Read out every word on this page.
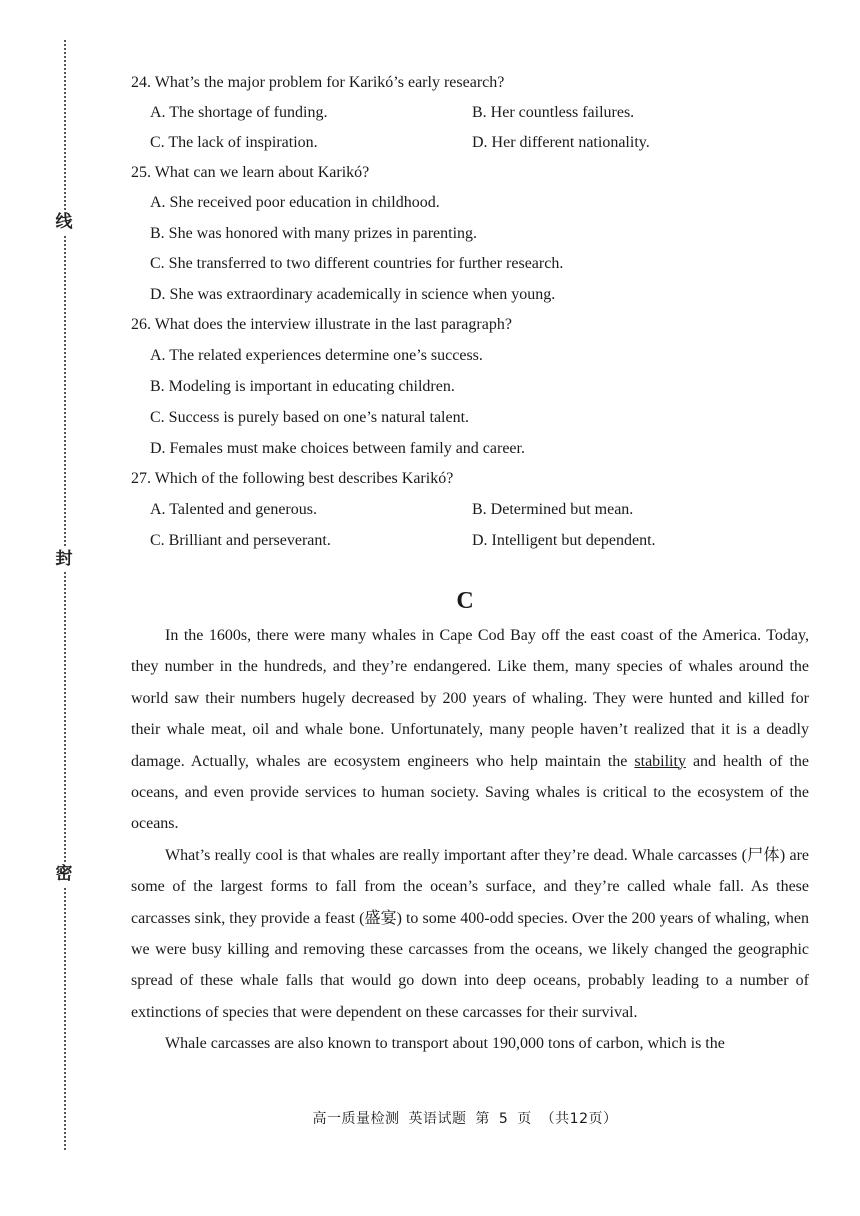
线
封
密
24. What’s the major problem for Karikó’s early research?
A. The shortage of funding.	B. Her countless failures.
C. The lack of inspiration.	D. Her different nationality.
25. What can we learn about Karikó?
A. She received poor education in childhood.
B. She was honored with many prizes in parenting.
C. She transferred to two different countries for further research.
D. She was extraordinary academically in science when young.
26. What does the interview illustrate in the last paragraph?
A. The related experiences determine one’s success.
B. Modeling is important in educating children.
C. Success is purely based on one’s natural talent.
D. Females must make choices between family and career.
27. Which of the following best describes Karikó?
A. Talented and generous.	B. Determined but mean.
C. Brilliant and perseverant.	D. Intelligent but dependent.
C

In the 1600s, there were many whales in Cape Cod Bay off the east coast of the America. Today, they number in the hundreds, and they’re endangered. Like them, many species of whales around the world saw their numbers hugely decreased by 200 years of whaling. They were hunted and killed for their whale meat, oil and whale bone. Unfortunately, many people haven’t realized that it is a deadly damage. Actually, whales are ecosystem engineers who help maintain the stability and health of the oceans, and even provide services to human society. Saving whales is critical to the ecosystem of the oceans.

What’s really cool is that whales are really important after they’re dead. Whale carcasses (尸体) are some of the largest forms to fall from the ocean’s surface, and they’re called whale fall. As these carcasses sink, they provide a feast (盛宴) to some 400-odd species. Over the 200 years of whaling, when we were busy killing and removing these carcasses from the oceans, we likely changed the geographic spread of these whale falls that would go down into deep oceans, probably leading to a number of extinctions of species that were dependent on these carcasses for their survival.

Whale carcasses are also known to transport about 190,000 tons of carbon, which is the

高一质量检测 英语试题 第 5 页 （共12页）
